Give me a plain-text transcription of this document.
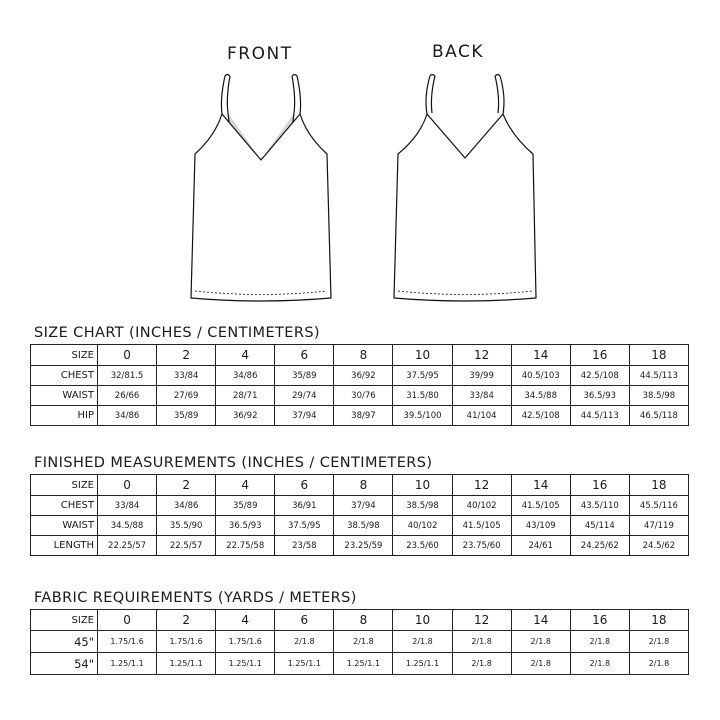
FRONT	BACK
SIZE CHART (INCHES / CENTIMETERS)
SIZE	0	2	4	6	8	10	12	14	16	18
CHEST	32/81.5	33/84	34/86	35/89	36/92	37.5/95	39/99	40.5/103	42.5/108	44.5/113
WAIST	26/66	27/69	28/71	29/74	30/76	31.5/80	33/84	34.5/88	36.5/93	38.5/98
HIP	34/86	35/89	36/92	37/94	38/97	39.5/100	41/104	42.5/108	44.5/113	46.5/118
FINISHED MEASUREMENTS (INCHES / CENTIMETERS)
SIZE	0	2	4	6	8	10	12	14	16	18
CHEST	33/84	34/86	35/89	36/91	37/94	38.5/98	40/102	41.5/105	43.5/110	45.5/116
WAIST	34.5/88	35.5/90	36.5/93	37.5/95	38.5/98	40/102	41.5/105	43/109	45/114	47/119
LENGTH	22.25/57	22.5/57	22.75/58	23/58	23.25/59	23.5/60	23.75/60	24/61	24.25/62	24.5/62
FABRIC REQUIREMENTS (YARDS / METERS)
SIZE	0	2	4	6	8	10	12	14	16	18
45"	1.75/1.6	1.75/1.6	1.75/1.6	2/1.8	2/1.8	2/1.8	2/1.8	2/1.8	2/1.8	2/1.8
54"	1.25/1.1	1.25/1.1	1.25/1.1	1.25/1.1	1.25/1.1	1.25/1.1	2/1.8	2/1.8	2/1.8	2/1.8
